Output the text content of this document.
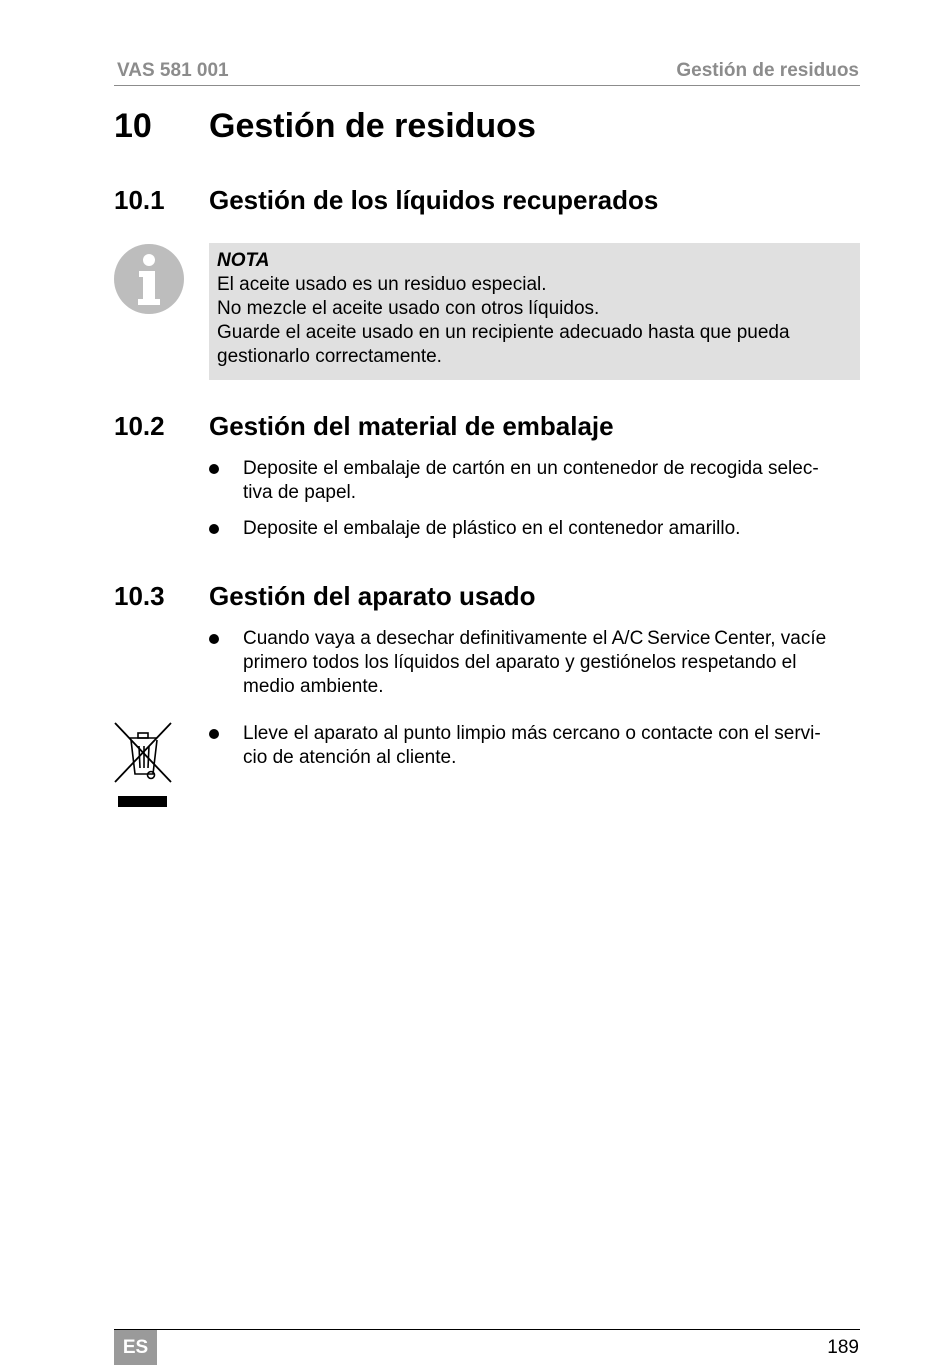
VAS 581 001	Gestión de residuos
10 Gestión de residuos
10.1 Gestión de los líquidos recuperados
NOTA
El aceite usado es un residuo especial.
No mezcle el aceite usado con otros líquidos.
Guarde el aceite usado en un recipiente adecuado hasta que pueda
gestionarlo correctamente.
10.2 Gestión del material de embalaje
Deposite el embalaje de cartón en un contenedor de recogida selec-
tiva de papel.
Deposite el embalaje de plástico en el contenedor amarillo.
10.3 Gestión del aparato usado
Cuando vaya a desechar definitivamente el A/C Service Center, vacíe
primero todos los líquidos del aparato y gestiónelos respetando el
medio ambiente.
Lleve el aparato al punto limpio más cercano o contacte con el servi-
cio de atención al cliente.
ES	189
